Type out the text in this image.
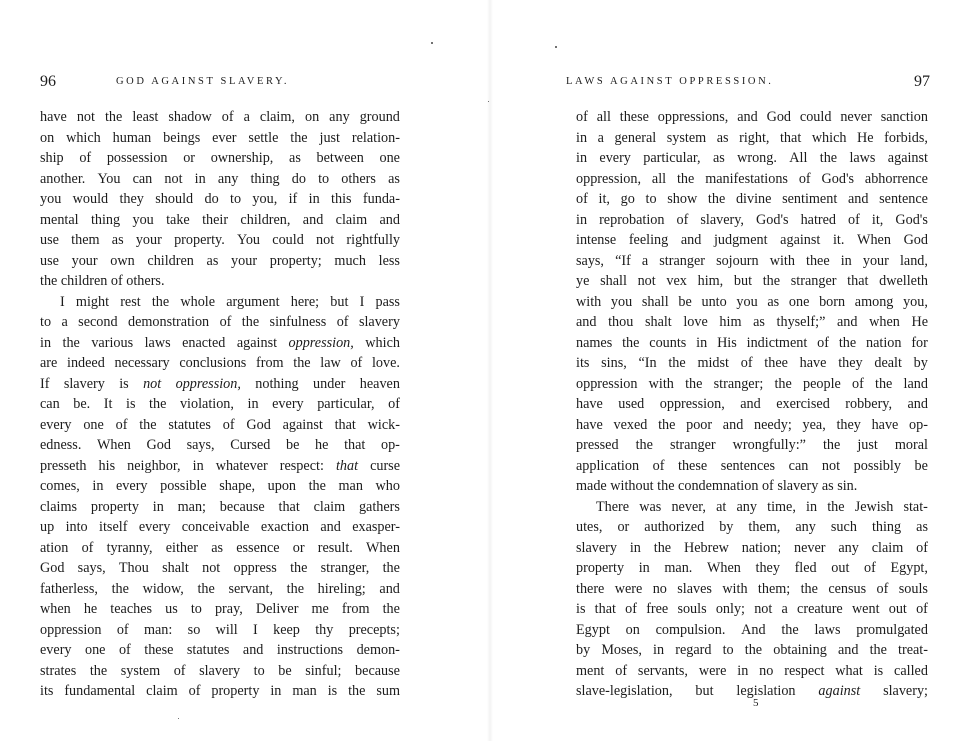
96	GOD AGAINST SLAVERY.
have not the least shadow of a claim, on any ground
on which human beings ever settle the just relation-
ship of possession or ownership, as between one
another. You can not in any thing do to others as
you would they should do to you, if in this funda-
mental thing you take their children, and claim and
use them as your property. You could not rightfully
use your own children as your property; much less
the children of others.
I might rest the whole argument here; but I pass
to a second demonstration of the sinfulness of slavery
in the various laws enacted against oppression, which
are indeed necessary conclusions from the law of love.
If slavery is not oppression, nothing under heaven
can be. It is the violation, in every particular, of
every one of the statutes of God against that wick-
edness. When God says, Cursed be he that op-
presseth his neighbor, in whatever respect: that curse
comes, in every possible shape, upon the man who
claims property in man; because that claim gathers
up into itself every conceivable exaction and exasper-
ation of tyranny, either as essence or result. When
God says, Thou shalt not oppress the stranger, the
fatherless, the widow, the servant, the hireling; and
when he teaches us to pray, Deliver me from the
oppression of man: so will I keep thy precepts;
every one of these statutes and instructions demon-
strates the system of slavery to be sinful; because
its fundamental claim of property in man is the sum
LAWS AGAINST OPPRESSION.	97
of all these oppressions, and God could never sanction
in a general system as right, that which He forbids,
in every particular, as wrong. All the laws against
oppression, all the manifestations of God's abhorrence
of it, go to show the divine sentiment and sentence
in reprobation of slavery, God's hatred of it, God's
intense feeling and judgment against it. When God
says, “If a stranger sojourn with thee in your land,
ye shall not vex him, but the stranger that dwelleth
with you shall be unto you as one born among you,
and thou shalt love him as thyself;” and when He
names the counts in His indictment of the nation for
its sins, “In the midst of thee have they dealt by
oppression with the stranger; the people of the land
have used oppression, and exercised robbery, and
have vexed the poor and needy; yea, they have op-
pressed the stranger wrongfully:” the just moral
application of these sentences can not possibly be
made without the condemnation of slavery as sin.
There was never, at any time, in the Jewish stat-
utes, or authorized by them, any such thing as
slavery in the Hebrew nation; never any claim of
property in man. When they fled out of Egypt,
there were no slaves with them; the census of souls
is that of free souls only; not a creature went out of
Egypt on compulsion. And the laws promulgated
by Moses, in regard to the obtaining and the treat-
ment of servants, were in no respect what is called
slave-legislation, but legislation against slavery;
5
